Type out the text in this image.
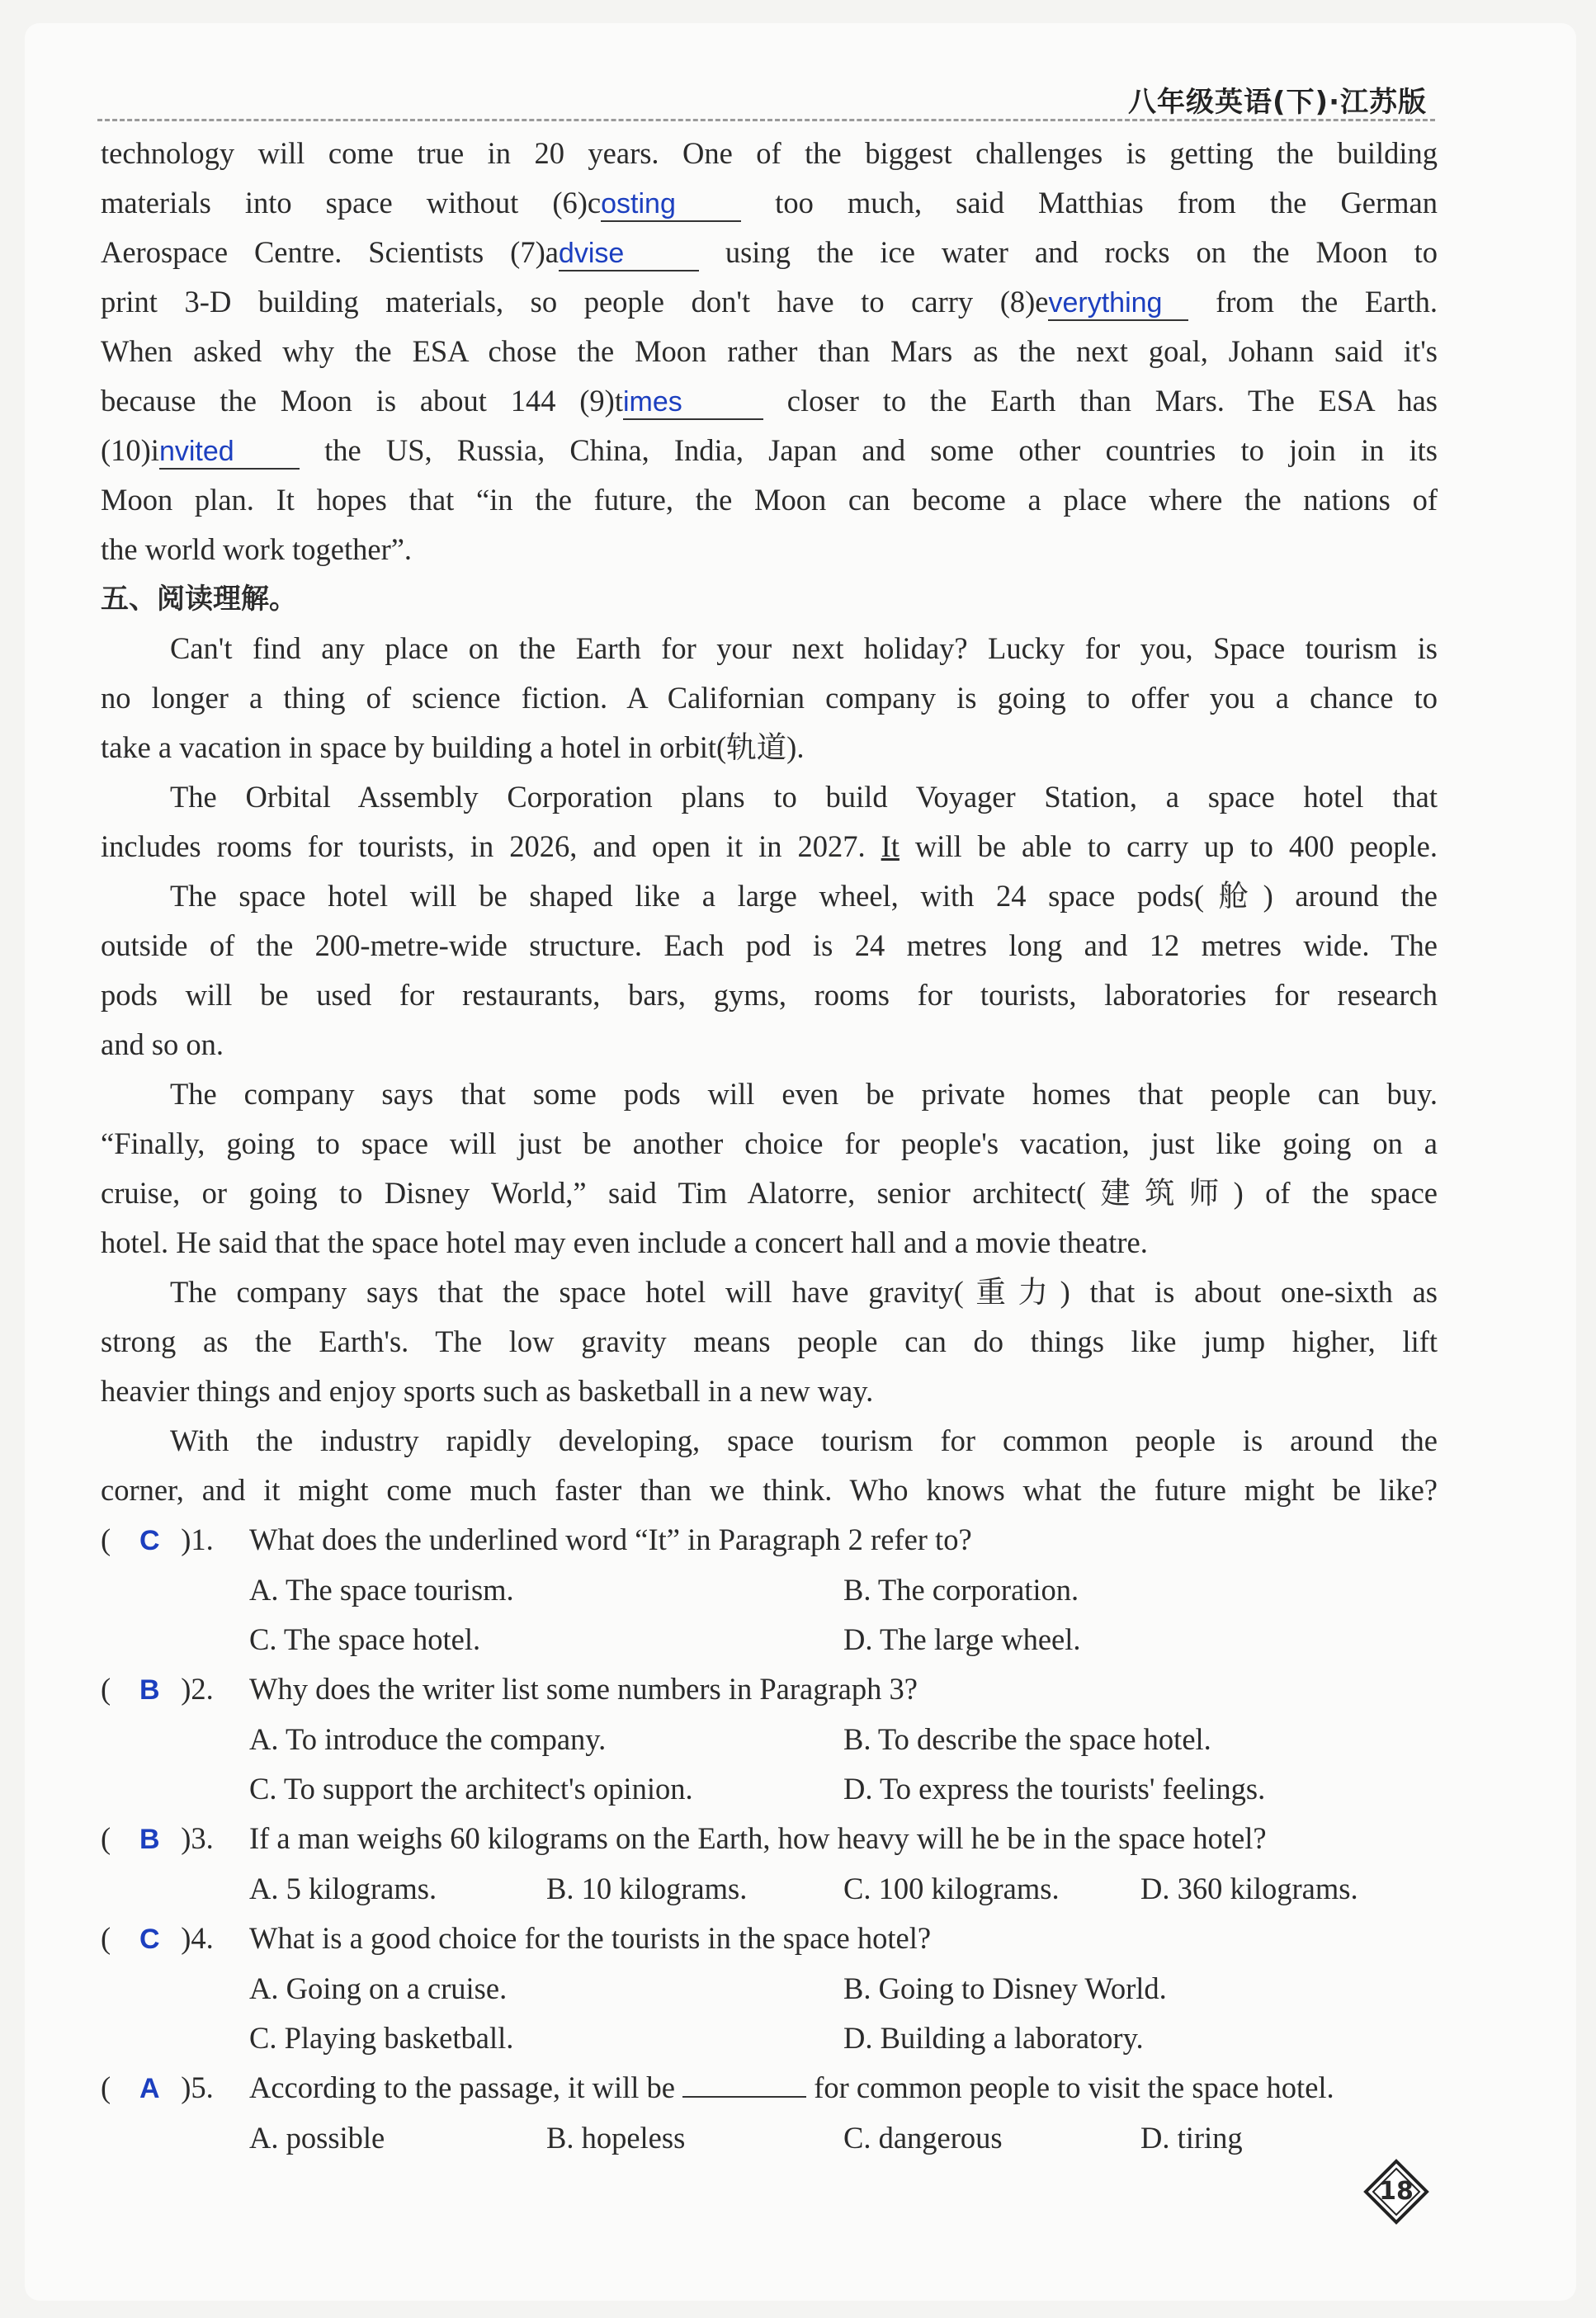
八年级英语(下)·江苏版

technology will come true in 20 years. One of the biggest challenges is getting the building

materials into space without (6)costing too much, said Matthias from the German

Aerospace Centre. Scientists (7)advise using the ice water and rocks on the Moon to

print 3-D building materials, so people don't have to carry (8)everything from the Earth.

When asked why the ESA chose the Moon rather than Mars as the next goal, Johann said it's

because the Moon is about 144 (9)times	closer to the Earth than Mars. The ESA has

(10)invited the US, Russia, China, India, Japan and some other countries to join in its

Moon plan. It hopes that “in the future, the Moon can become a place where the nations of

the world work together”.

五、阅读理解。

Can't find any place on the Earth for your next holiday? Lucky for you, Space tourism is

no longer a thing of science fiction. A Californian company is going to offer you a chance to

take a vacation in space by building a hotel in orbit(轨道).

The Orbital Assembly Corporation plans to build Voyager Station, a space hotel that

includes rooms for tourists, in 2026, and open it in 2027. It will be able to carry up to 400 people.

The space hotel will be shaped like a large wheel, with 24 space pods(舱) around the

outside of the 200-metre-wide structure. Each pod is 24 metres long and 12 metres wide. The

pods will be used for restaurants, bars, gyms, rooms for tourists, laboratories for research

and so on.

The company says that some pods will even be private homes that people can buy.

“Finally, going to space will just be another choice for people's vacation, just like going on a

cruise, or going to Disney World,” said Tim Alatorre, senior architect(建筑师) of the space

hotel. He said that the space hotel may even include a concert hall and a movie theatre.

The company says that the space hotel will have gravity(重力) that is about one-sixth as

strong as the Earth's. The low gravity means people can do things like jump higher, lift

heavier things and enjoy sports such as basketball in a new way.

With the industry rapidly developing, space tourism for common people is around the

corner, and it might come much faster than we think. Who knows what the future might be like?

( C )1.	What does the underlined word “It” in Paragraph 2 refer to?
A. The space tourism.	B. The corporation.
C. The space hotel.	D. The large wheel.
( B )2.	Why does the writer list some numbers in Paragraph 3?
A. To introduce the company.	B. To describe the space hotel.
C. To support the architect's opinion.	D. To express the tourists' feelings.
( B )3.	If a man weighs 60 kilograms on the Earth, how heavy will he be in the space hotel?
A. 5 kilograms.	B. 10 kilograms.	C. 100 kilograms.	D. 360 kilograms.
( C )4.	What is a good choice for the tourists in the space hotel?
A. Going on a cruise.	B. Going to Disney World.
C. Playing basketball.	D. Building a laboratory.
( A )5.	According to the passage, it will be	for common people to visit the space hotel.
A. possible	B. hopeless	C. dangerous	D. tiring
18
